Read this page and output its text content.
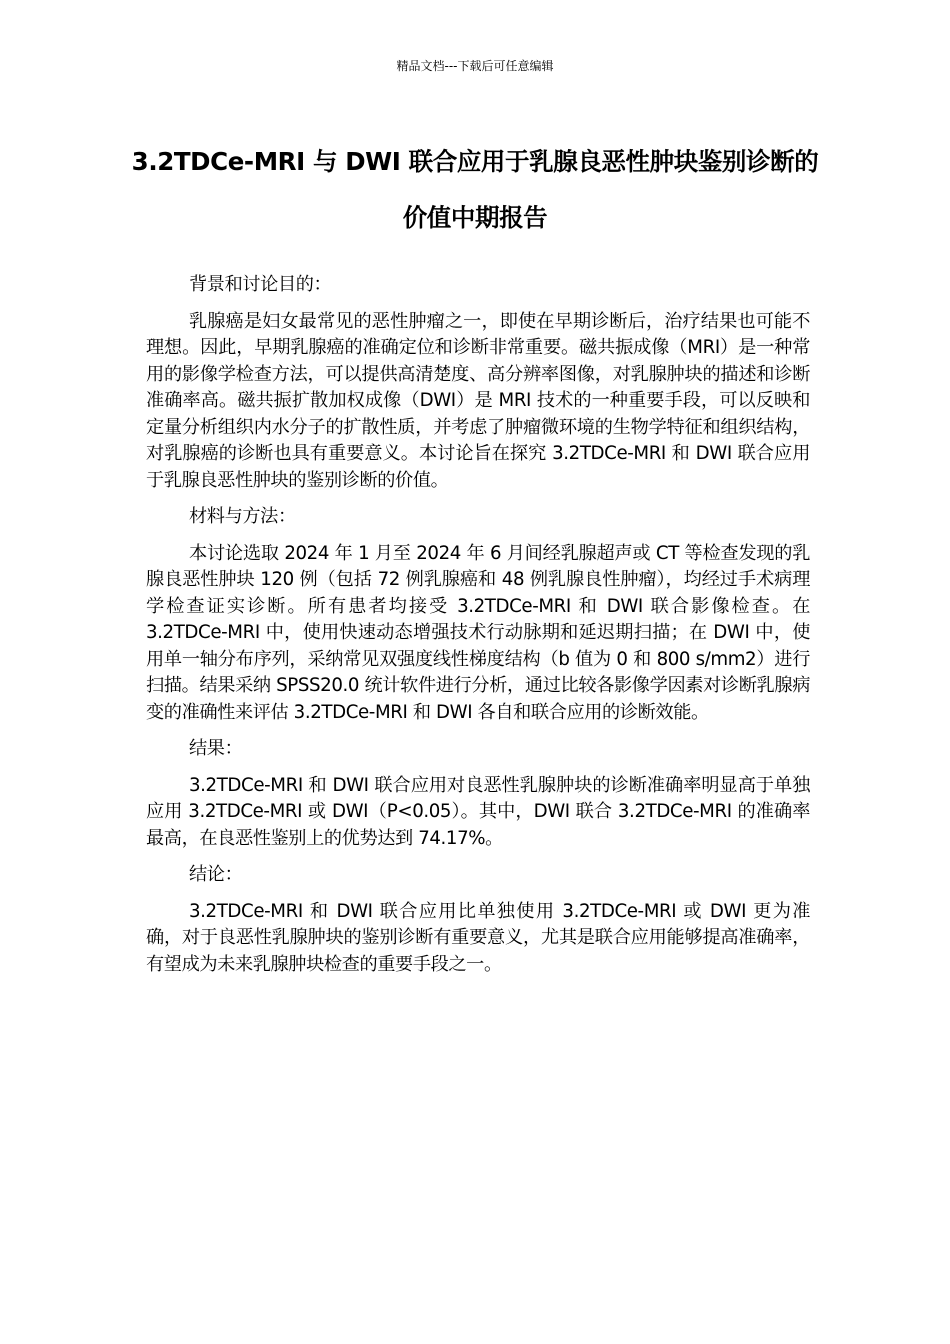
精品文档---下载后可任意编辑
3.2TDCe-MRI 与 DWI 联合应用于乳腺良恶性肿块鉴别诊断的价值中期报告

背景和讨论目的：

乳腺癌是妇女最常见的恶性肿瘤之一，即使在早期诊断后，治疗结果也可能不理想。因此，早期乳腺癌的准确定位和诊断非常重要。磁共振成像（MRI）是一种常用的影像学检查方法，可以提供高清楚度、高分辨率图像，对乳腺肿块的描述和诊断准确率高。磁共振扩散加权成像（DWI）是 MRI 技术的一种重要手段，可以反映和定量分析组织内水分子的扩散性质，并考虑了肿瘤微环境的生物学特征和组织结构，对乳腺癌的诊断也具有重要意义。本讨论旨在探究 3.2TDCe-MRI 和 DWI 联合应用于乳腺良恶性肿块的鉴别诊断的价值。

材料与方法：

本讨论选取 2024 年 1 月至 2024 年 6 月间经乳腺超声或 CT 等检查发现的乳腺良恶性肿块 120 例（包括 72 例乳腺癌和 48 例乳腺良性肿瘤），均经过手术病理学检查证实诊断。所有患者均接受 3.2TDCe-MRI 和 DWI 联合影像检查。在 3.2TDCe-MRI 中，使用快速动态增强技术行动脉期和延迟期扫描；在 DWI 中，使用单一轴分布序列，采纳常见双强度线性梯度结构（b 值为 0 和 800 s/mm2）进行扫描。结果采纳 SPSS20.0 统计软件进行分析，通过比较各影像学因素对诊断乳腺病变的准确性来评估 3.2TDCe-MRI 和 DWI 各自和联合应用的诊断效能。

结果：

3.2TDCe-MRI 和 DWI 联合应用对良恶性乳腺肿块的诊断准确率明显高于单独应用 3.2TDCe-MRI 或 DWI（P<0.05）。其中，DWI 联合 3.2TDCe-MRI 的准确率最高，在良恶性鉴别上的优势达到 74.17%。

结论：

3.2TDCe-MRI 和 DWI 联合应用比单独使用 3.2TDCe-MRI 或 DWI 更为准确，对于良恶性乳腺肿块的鉴别诊断有重要意义，尤其是联合应用能够提高准确率，有望成为未来乳腺肿块检查的重要手段之一。
